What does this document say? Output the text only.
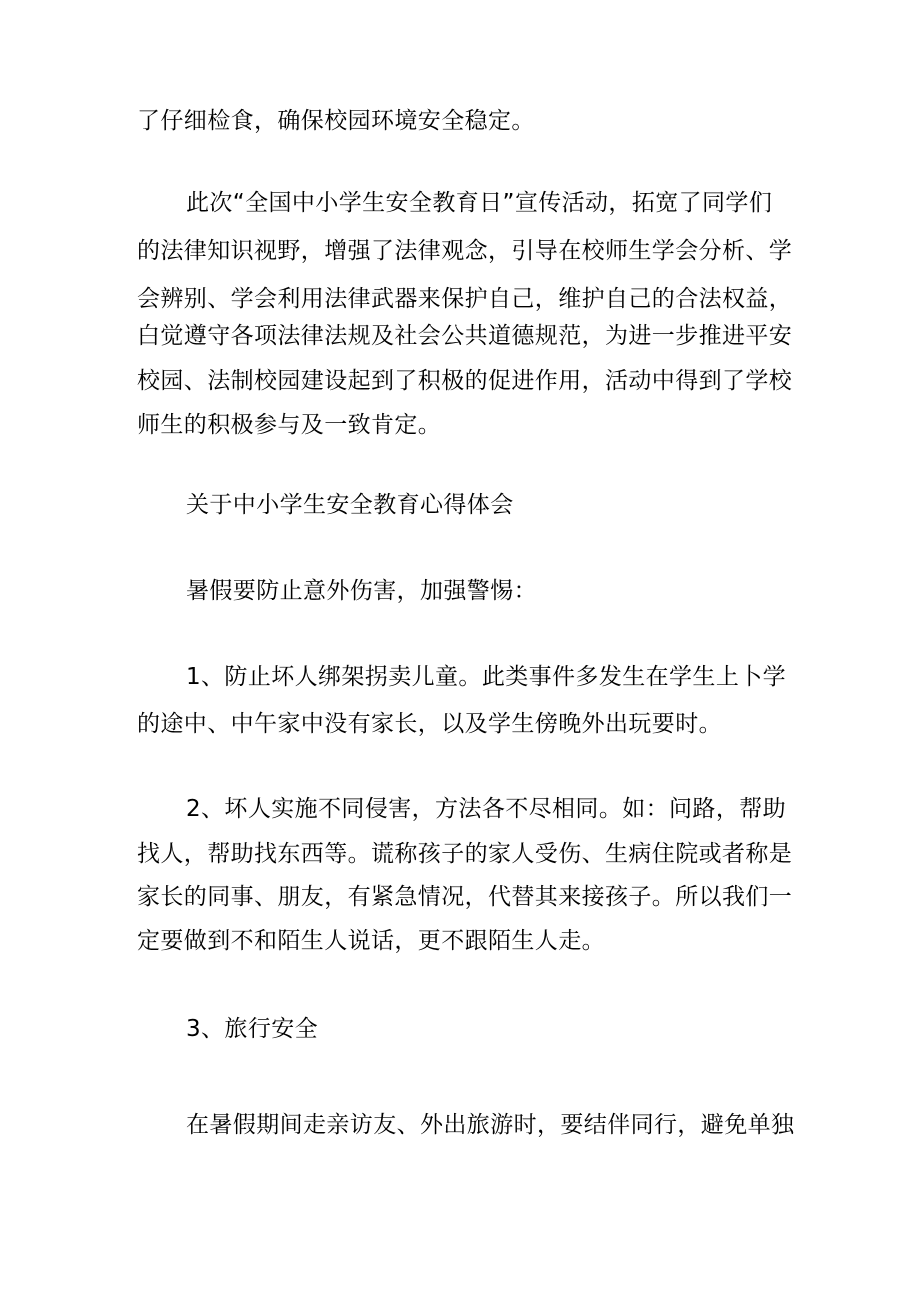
了仔细检食，确保校园环境安全稳定。
此次“全国中小学生安全教育日”宣传活动，拓宽了同学们
的法律知识视野，增强了法律观念，引导在校师生学会分析、学
会辨别、学会利用法律武器来保护自己，维护自己的合法权益，
白觉遵守各项法律法规及社会公共道德规范，为进一步推进平安
校园、法制校园建设起到了积极的促进作用，活动中得到了学校
师生的积极参与及一致肯定。
关于中小学生安全教育心得体会
暑假要防止意外伤害，加强警惕：
1、防止坏人绑架拐卖儿童。此类事件多发生在学生上卜学
的途中、中午家中没有家长，以及学生傍晚外出玩要时。
2、坏人实施不同侵害，方法各不尽相同。如：问路，帮助
找人，帮助找东西等。谎称孩子的家人受伤、生病住院或者称是
家长的同事、朋友，有紧急情况，代替其来接孩子。所以我们一
定要做到不和陌生人说话，更不跟陌生人走。
3、旅行安全
在暑假期间走亲访友、外出旅游时，要结伴同行，避免单独
